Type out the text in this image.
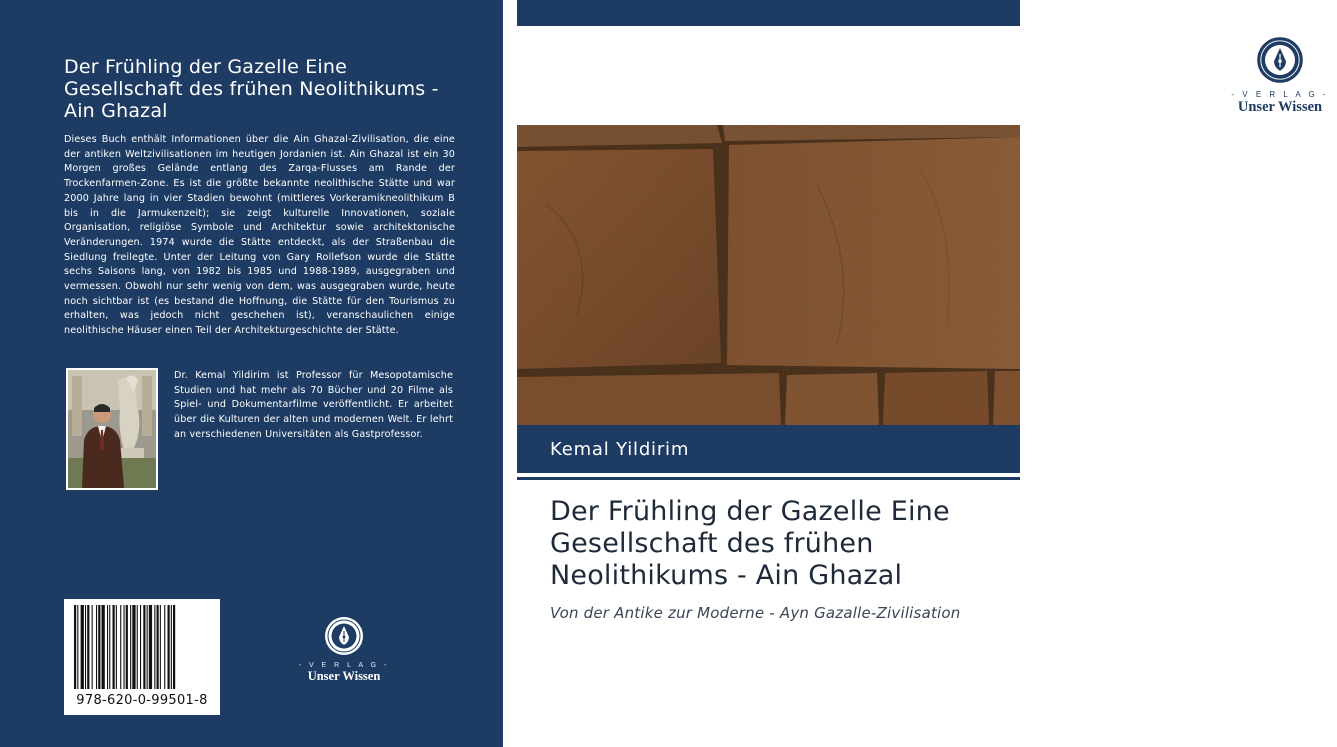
Der Frühling der Gazelle Eine Gesellschaft des frühen Neolithikums - Ain Ghazal
Dieses Buch enthält Informationen über die Ain Ghazal-Zivilisation, die eine der antiken Weltzivilisationen im heutigen Jordanien ist. Ain Ghazal ist ein 30 Morgen großes Gelände entlang des Zarqa-Flusses am Rande der Trockenfarmen-Zone. Es ist die größte bekannte neolithische Stätte und war 2000 Jahre lang in vier Stadien bewohnt (mittleres Vorkeramikneolithikum B bis in die Jarmukenzeit); sie zeigt kulturelle Innovationen, soziale Organisation, religiöse Symbole und Architektur sowie architektonische Veränderungen. 1974 wurde die Stätte entdeckt, als der Straßenbau die Siedlung freilegte. Unter der Leitung von Gary Rollefson wurde die Stätte sechs Saisons lang, von 1982 bis 1985 und 1988-1989, ausgegraben und vermessen. Obwohl nur sehr wenig von dem, was ausgegraben wurde, heute noch sichtbar ist (es bestand die Hoffnung, die Stätte für den Tourismus zu erhalten, was jedoch nicht geschehen ist), veranschaulichen einige neolithische Häuser einen Teil der Architekturgeschichte der Stätte.
Dr. Kemal Yildirim ist Professor für Mesopotamische Studien und hat mehr als 70 Bücher und 20 Filme als Spiel- und Dokumentarfilme veröffentlicht. Er arbeitet über die Kulturen der alten und modernen Welt. Er lehrt an verschiedenen Universitäten als Gastprofessor.
978-620-0-99501-8
- V E R L A G -
Unser Wissen
- V E R L A G -
Unser Wissen
Kemal Yildirim
Der Frühling der Gazelle Eine Gesellschaft des frühen Neolithikums - Ain Ghazal
Von der Antike zur Moderne - Ayn Gazalle-Zivilisation
